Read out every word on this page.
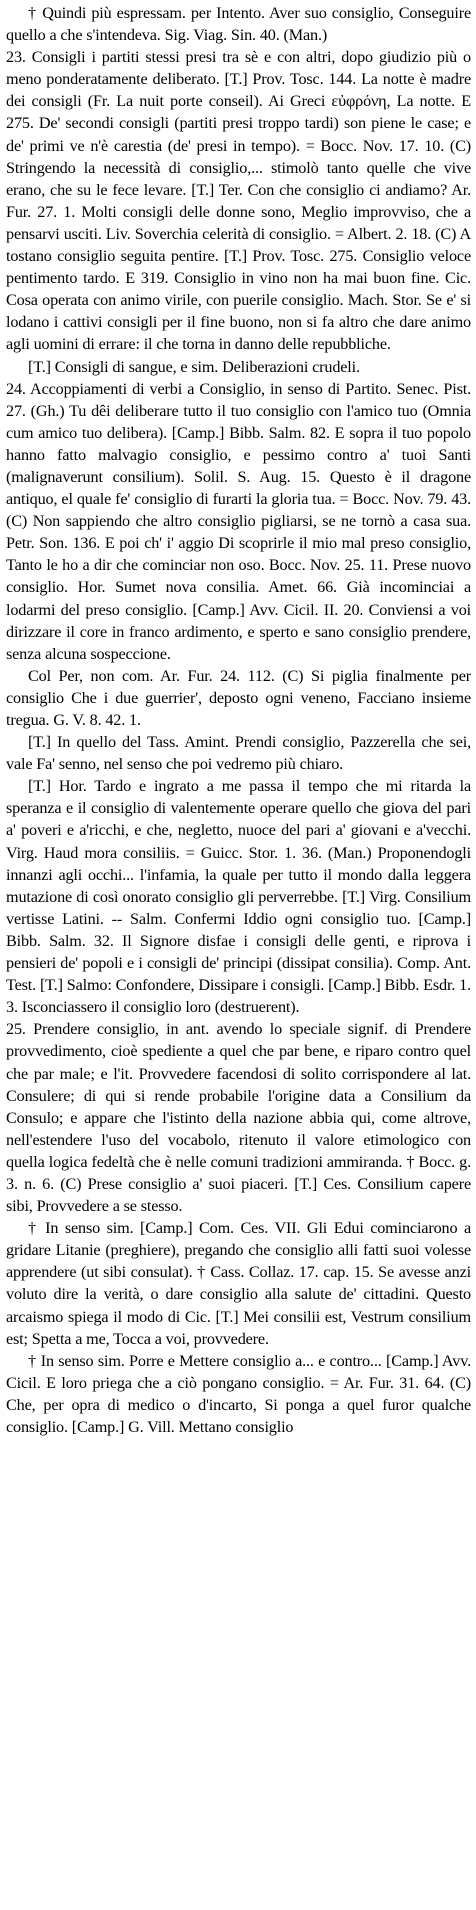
† Quindi più espressam. per Intento. Aver suo consiglio, Conseguire quello a che s'intendeva. Sig. Viag. Sin. 40. (Man.)

23. Consigli i partiti stessi presi tra sè e con altri, dopo giudizio più o meno ponderatamente deliberato. [T.] Prov. Tosc. 144. La notte è madre dei consigli (Fr. La nuit porte conseil). Ai Greci εὐφρόνη, La notte. E 275. De' secondi consigli (partiti presi troppo tardi) son piene le case; e de' primi ve n'è carestia (de' presi in tempo). = Bocc. Nov. 17. 10. (C) Stringendo la necessità di consiglio,... stimolò tanto quelle che vive erano, che su le fece levare. [T.] Ter. Con che consiglio ci andiamo? Ar. Fur. 27. 1. Molti consigli delle donne sono, Meglio improvviso, che a pensarvi usciti. Liv. Soverchia celerità di consiglio. = Albert. 2. 18. (C) A tostano consiglio seguita pentire. [T.] Prov. Tosc. 275. Consiglio veloce pentimento tardo. E 319. Consiglio in vino non ha mai buon fine. Cic. Cosa operata con animo virile, con puerile consiglio. Mach. Stor. Se e' si lodano i cattivi consigli per il fine buono, non si fa altro che dare animo agli uomini di errare: il che torna in danno delle repubbliche.

[T.] Consigli di sangue, e sim. Deliberazioni crudeli.

24. Accoppiamenti di verbi a Consiglio, in senso di Partito. Senec. Pist. 27. (Gh.) Tu dêi deliberare tutto il tuo consiglio con l'amico tuo (Omnia cum amico tuo delibera). [Camp.] Bibb. Salm. 82. E sopra il tuo popolo hanno fatto malvagio consiglio, e pessimo contro a' tuoi Santi (malignaverunt consilium). Solil. S. Aug. 15. Questo è il dragone antiquo, el quale fe' consiglio di furarti la gloria tua. = Bocc. Nov. 79. 43. (C) Non sappiendo che altro consiglio pigliarsi, se ne tornò a casa sua. Petr. Son. 136. E poi ch' i' aggio Di scoprirle il mio mal preso consiglio, Tanto le ho a dir che cominciar non oso. Bocc. Nov. 25. 11. Prese nuovo consiglio. Hor. Sumet nova consilia. Amet. 66. Già incominciai a lodarmi del preso consiglio. [Camp.] Avv. Cicil. II. 20. Conviensi a voi dirizzare il core in franco ardimento, e sperto e sano consiglio prendere, senza alcuna sospeccione.

Col Per, non com. Ar. Fur. 24. 112. (C) Si piglia finalmente per consiglio Che i due guerrier', deposto ogni veneno, Facciano insieme tregua. G. V. 8. 42. 1.

[T.] In quello del Tass. Amint. Prendi consiglio, Pazzerella che sei, vale Fa' senno, nel senso che poi vedremo più chiaro.

[T.] Hor. Tardo e ingrato a me passa il tempo che mi ritarda la speranza e il consiglio di valentemente operare quello che giova del pari a' poveri e a'ricchi, e che, negletto, nuoce del pari a' giovani e a'vecchi. Virg. Haud mora consiliis. = Guicc. Stor. 1. 36. (Man.) Proponendogli innanzi agli occhi... l'infamia, la quale per tutto il mondo dalla leggera mutazione di così onorato consiglio gli perverrebbe. [T.] Virg. Consilium vertisse Latini. -- Salm. Confermi Iddio ogni consiglio tuo. [Camp.] Bibb. Salm. 32. Il Signore disfae i consigli delle genti, e riprova i pensieri de' popoli e i consigli de' principi (dissipat consilia). Comp. Ant. Test. [T.] Salmo: Confondere, Dissipare i consigli. [Camp.] Bibb. Esdr. 1. 3. Isconciassero il consiglio loro (destruerent).

25. Prendere consiglio, in ant. avendo lo speciale signif. di Prendere provvedimento, cioè spediente a quel che par bene, e riparo contro quel che par male; e l'it. Provvedere facendosi di solito corrispondere al lat. Consulere; di qui si rende probabile l'origine data a Consilium da Consulo; e appare che l'istinto della nazione abbia qui, come altrove, nell'estendere l'uso del vocabolo, ritenuto il valore etimologico con quella logica fedeltà che è nelle comuni tradizioni ammiranda. † Bocc. g. 3. n. 6. (C) Prese consiglio a' suoi piaceri. [T.] Ces. Consilium capere sibi, Provvedere a se stesso.

† In senso sim. [Camp.] Com. Ces. VII. Gli Edui cominciarono a gridare Litanie (preghiere), pregando che consiglio alli fatti suoi volesse apprendere (ut sibi consulat). † Cass. Collaz. 17. cap. 15. Se avesse anzi voluto dire la verità, o dare consiglio alla salute de' cittadini. Questo arcaismo spiega il modo di Cic. [T.] Mei consilii est, Vestrum consilium est; Spetta a me, Tocca a voi, provvedere.

† In senso sim. Porre e Mettere consiglio a... e contro... [Camp.] Avv. Cicil. E loro priega che a ciò pongano consiglio. = Ar. Fur. 31. 64. (C) Che, per opra di medico o d'incarto, Si ponga a quel furor qualche consiglio. [Camp.] G. Vill. Mettano consiglio
